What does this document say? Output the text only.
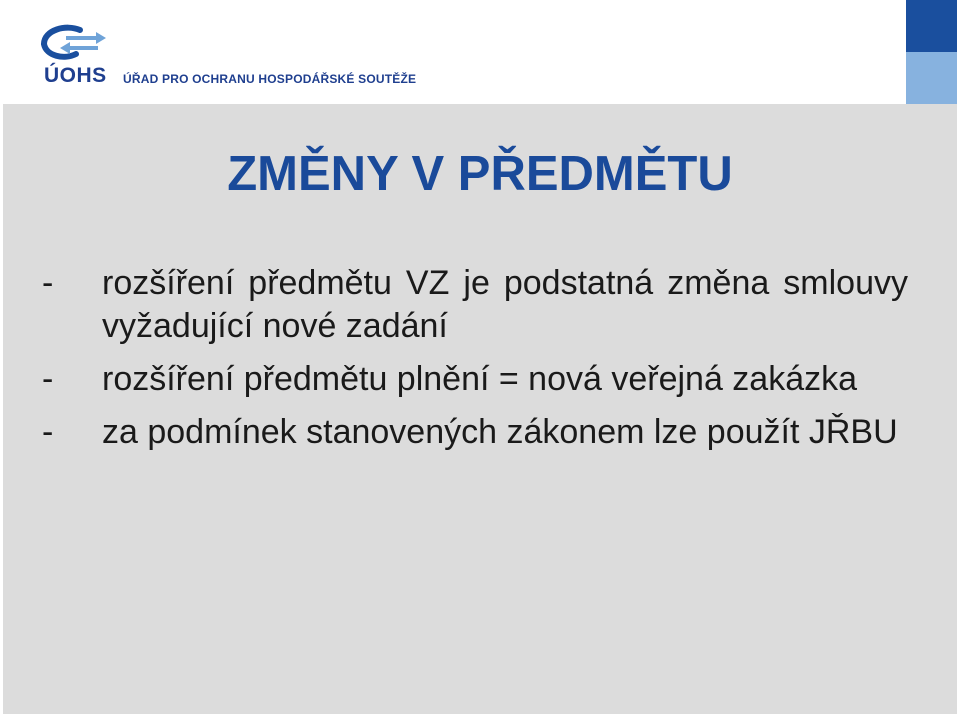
ÚOHS ÚŘAD PRO OCHRANU HOSPODÁŘSKÉ SOUTĚŽE
ZMĚNY V PŘEDMĚTU
- rozšíření předmětu VZ je podstatná změna smlouvy vyžadující nové zadání
- rozšíření předmětu plnění = nová veřejná zakázka
- za podmínek stanovených zákonem lze použít JŘBU
